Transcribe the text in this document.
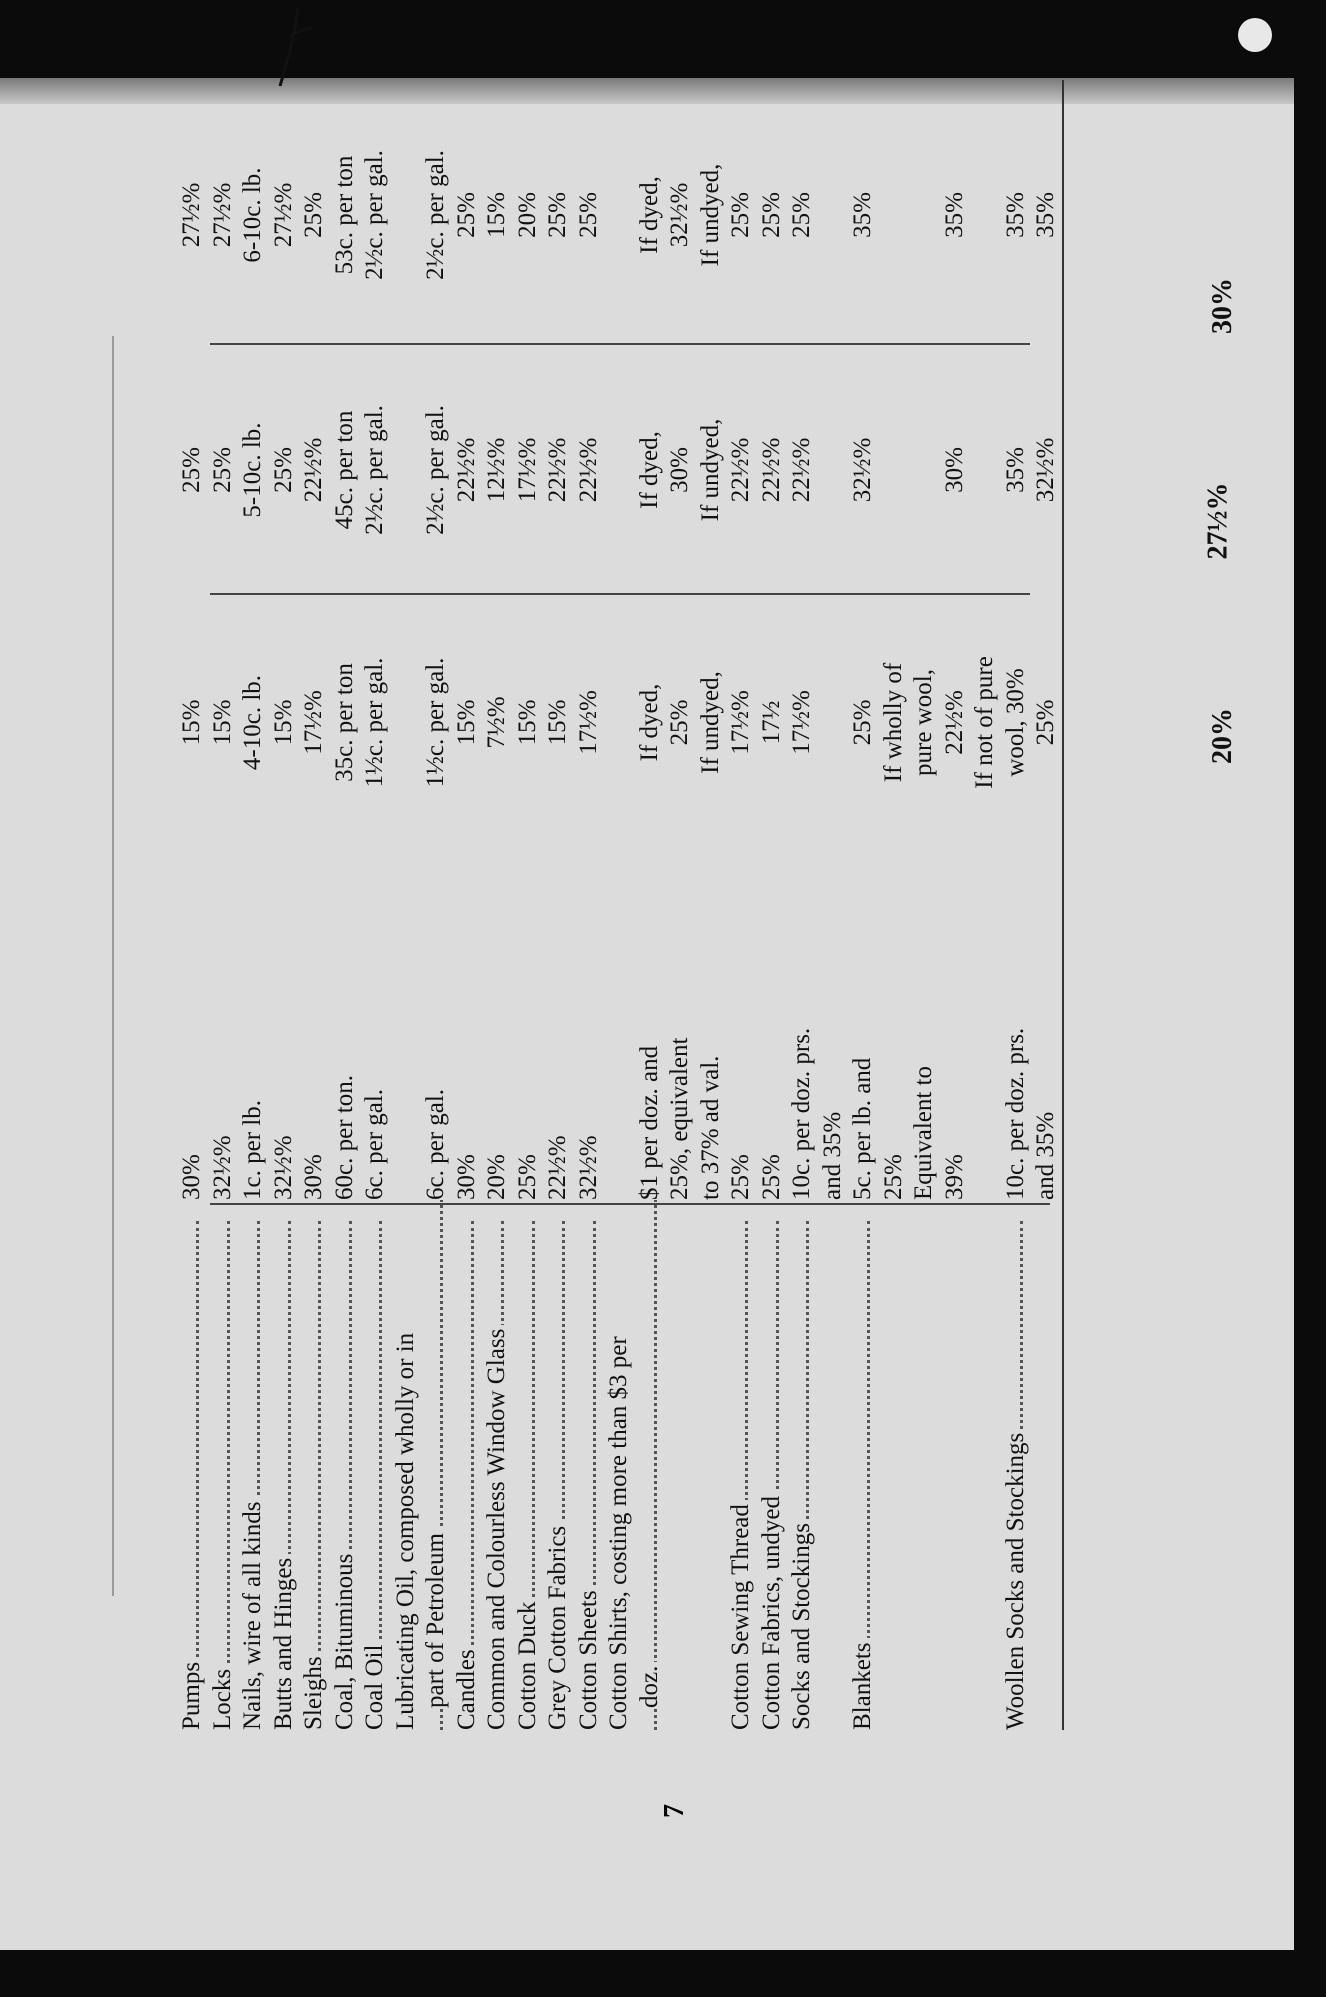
Pumps
30%
15%
25%
27½%
Locks
32½%
15%
25%
27½%
Nails, wire of all kinds
1c. per lb.
4-10c. lb.
5-10c. lb.
6-10c. lb.
Butts and Hinges
32½%
15%
25%
27½%
Sleighs
30%
17½%
22½%
25%
Coal, Bituminous
60c. per ton.
35c. per ton
45c. per ton
53c. per ton
Coal Oil
6c. per gal.
1½c. per gal.
2½c. per gal.
2½c. per gal.
Lubricating Oil, composed wholly or in part of Petroleum
6c. per gal.
1½c. per gal.
2½c. per gal.
2½c. per gal.
Candles
30%
15%
22½%
25%
Common and Colourless Window Glass
20%
7½%
12½%
15%
Cotton Duck
25%
15%
17½%
20%
Grey Cotton Fabrics
22½%
15%
22½%
25%
Cotton Sheets
32½%
17½%
22½%
25%
Cotton Shirts, costing more than $3 per doz.
$1 per doz. and
If dyed,
If dyed,
If dyed,
25%, equivalent
25%
30%
32½%
to 37% ad val.
If undyed,
If undyed,
If undyed,
Cotton Sewing Thread
25%
17½%
22½%
25%
Cotton Fabrics, undyed
25%
17½
22½%
25%
Socks and Stockings
10c. per doz. prs.
17½%
22½%
25%
and 35%
Blankets
5c. per lb. and
25%
32½%
35%
25%
If wholly of
Equivalent to
pure wool,
39%
22½%
30%
35%
If not of pure
Woollen Socks and Stockings
10c. per doz. prs.
wool, 30%
35%
35%
and 35%
25%
32½%
35%
30%
27½%
20%
7
